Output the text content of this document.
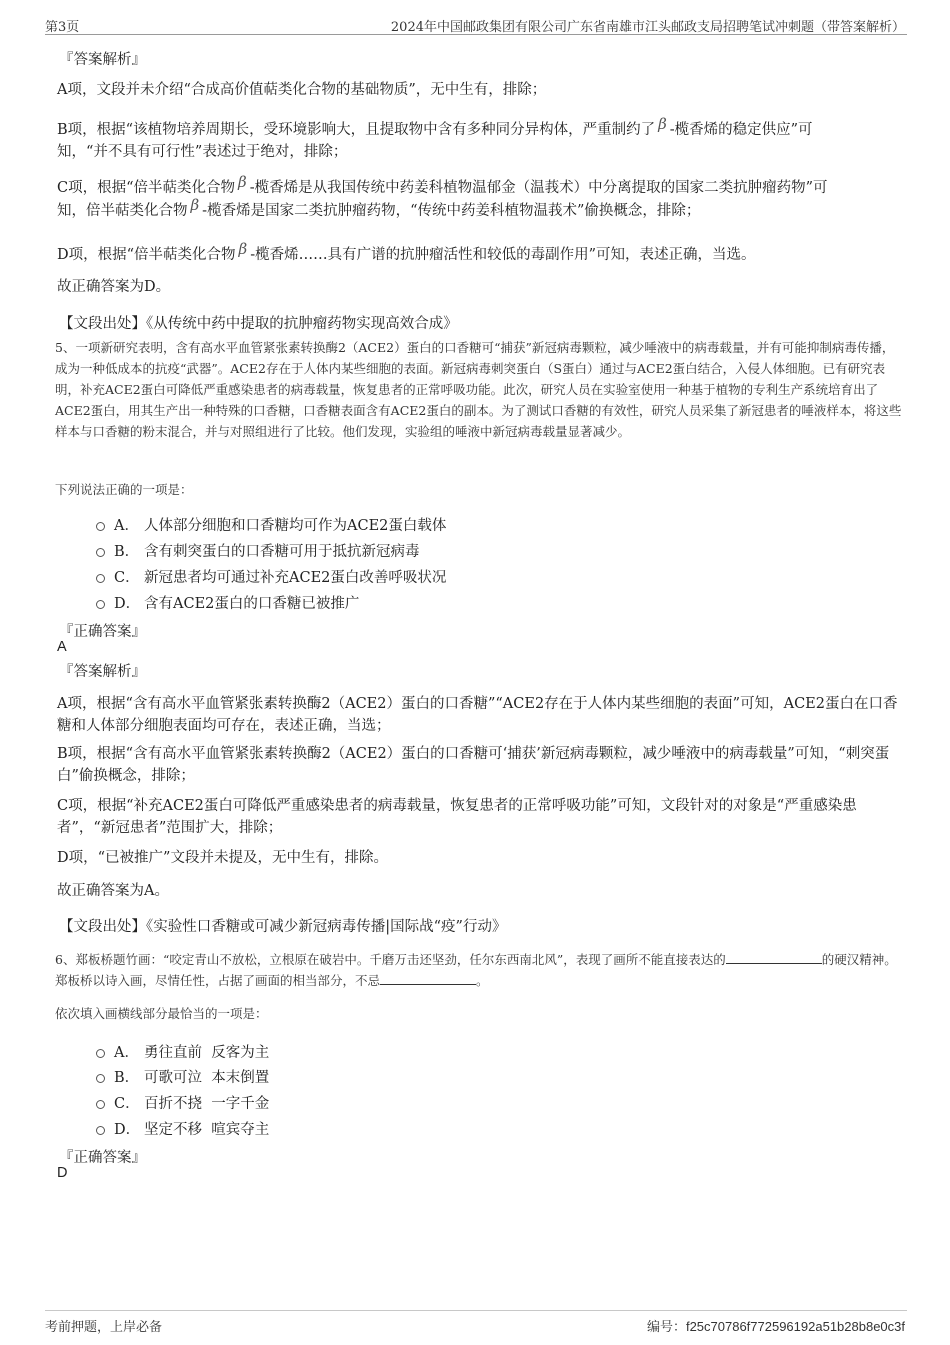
第3页	2024年中国邮政集团有限公司广东省南雄市江头邮政支局招聘笔试冲刺题（带答案解析）
『答案解析』
A项，文段并未介绍“合成高价值萜类化合物的基础物质”，无中生有，排除；
B项，根据“该植物培养周期长，受环境影响大，且提取物中含有多种同分异构体，严重制约了 β -榄香烯的稳定供应”可
知，“并不具有可行性”表述过于绝对，排除；
C项，根据“倍半萜类化合物 β -榄香烯是从我国传统中药姜科植物温郁金（温莪术）中分离提取的国家二类抗肿瘤药物”可
知，倍半萜类化合物 β -榄香烯是国家二类抗肿瘤药物，“传统中药姜科植物温莪术”偷换概念，排除；
D项，根据“倍半萜类化合物 β -榄香烯……具有广谱的抗肿瘤活性和较低的毒副作用”可知，表述正确，当选。
故正确答案为D。
【文段出处】《从传统中药中提取的抗肿瘤药物实现高效合成》
5、一项新研究表明，含有高水平血管紧张素转换酶2（ACE2）蛋白的口香糖可“捕获”新冠病毒颗粒，减少唾液中的病毒载量，并有可能抑制病毒传播，成为一种低成本的抗疫“武器”。ACE2存在于人体内某些细胞的表面。新冠病毒刺突蛋白（S蛋白）通过与ACE2蛋白结合，入侵人体细胞。已有研究表明，补充ACE2蛋白可降低严重感染患者的病毒载量，恢复患者的正常呼吸功能。此次，研究人员在实验室使用一种基于植物的专利生产系统培育出了ACE2蛋白，用其生产出一种特殊的口香糖，口香糖表面含有ACE2蛋白的副本。为了测试口香糖的有效性，研究人员采集了新冠患者的唾液样本，将这些样本与口香糖的粉末混合，并与对照组进行了比较。他们发现，实验组的唾液中新冠病毒载量显著减少。
下列说法正确的一项是：
A． 人体部分细胞和口香糖均可作为ACE2蛋白载体
B． 含有刺突蛋白的口香糖可用于抵抗新冠病毒
C． 新冠患者均可通过补充ACE2蛋白改善呼吸状况
D． 含有ACE2蛋白的口香糖已被推广
『正确答案』
A
『答案解析』
A项，根据“含有高水平血管紧张素转换酶2（ACE2）蛋白的口香糖”“ACE2存在于人体内某些细胞的表面”可知，ACE2蛋白在口香糖和人体部分细胞表面均可存在，表述正确，当选；
B项，根据“含有高水平血管紧张素转换酶2（ACE2）蛋白的口香糖可‘捕获’新冠病毒颗粒，减少唾液中的病毒载量”可知，“刺突蛋白”偷换概念，排除；
C项，根据“补充ACE2蛋白可降低严重感染患者的病毒载量，恢复患者的正常呼吸功能”可知，文段针对的对象是“严重感染患者”，“新冠患者”范围扩大，排除；
D项，“已被推广”文段并未提及，无中生有，排除。
故正确答案为A。
【文段出处】《实验性口香糖或可减少新冠病毒传播|国际战“疫”行动》
6、郑板桥题竹画：“咬定青山不放松，立根原在破岩中。千磨万击还坚劲，任尔东西南北风”，表现了画所不能直接表达的	的硬汉精神。郑板桥以诗入画，尽情任性，占据了画面的相当部分，不忌	。
依次填入画横线部分最恰当的一项是：
A． 勇往直前  反客为主
B． 可歌可泣  本末倒置
C． 百折不挠  一字千金
D． 坚定不移  喧宾夺主
『正确答案』
D
考前押题，上岸必备	编号：f25c70786f772596192a51b28b8e0c3f
